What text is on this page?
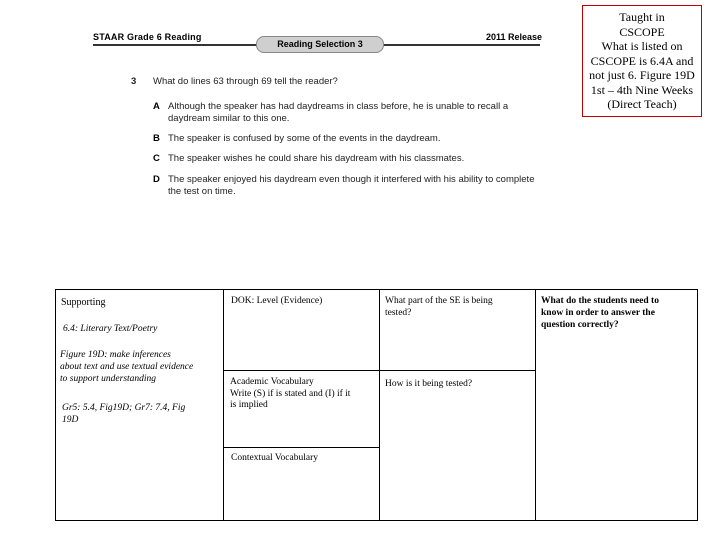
STAAR Grade 6 Reading	2011 Release
Reading Selection 3
3 What do lines 63 through 69 tell the reader?
A Although the speaker has had daydreams in class before, he is unable to recall a
daydream similar to this one.
B The speaker is confused by some of the events in the daydream.
C The speaker wishes he could share his daydream with his classmates.
D The speaker enjoyed his daydream even though it interfered with his ability to complete
the test on time.
Taught in
CSCOPE
What is listed on
CSCOPE is 6.4A and
not just 6. Figure 19D
1st – 4th Nine Weeks
(Direct Teach)
Supporting
6.4: Literary Text/Poetry
Figure 19D: make inferences
about text and use textual evidence
to support understanding
Gr5: 5.4, Fig19D; Gr7: 7.4, Fig
19D
DOK: Level (Evidence)
Academic Vocabulary
Write (S) if is stated and (I) if it
is implied
Contextual Vocabulary
What part of the SE is being
tested?
How is it being tested?
What do the students need to
know in order to answer the
question correctly?
